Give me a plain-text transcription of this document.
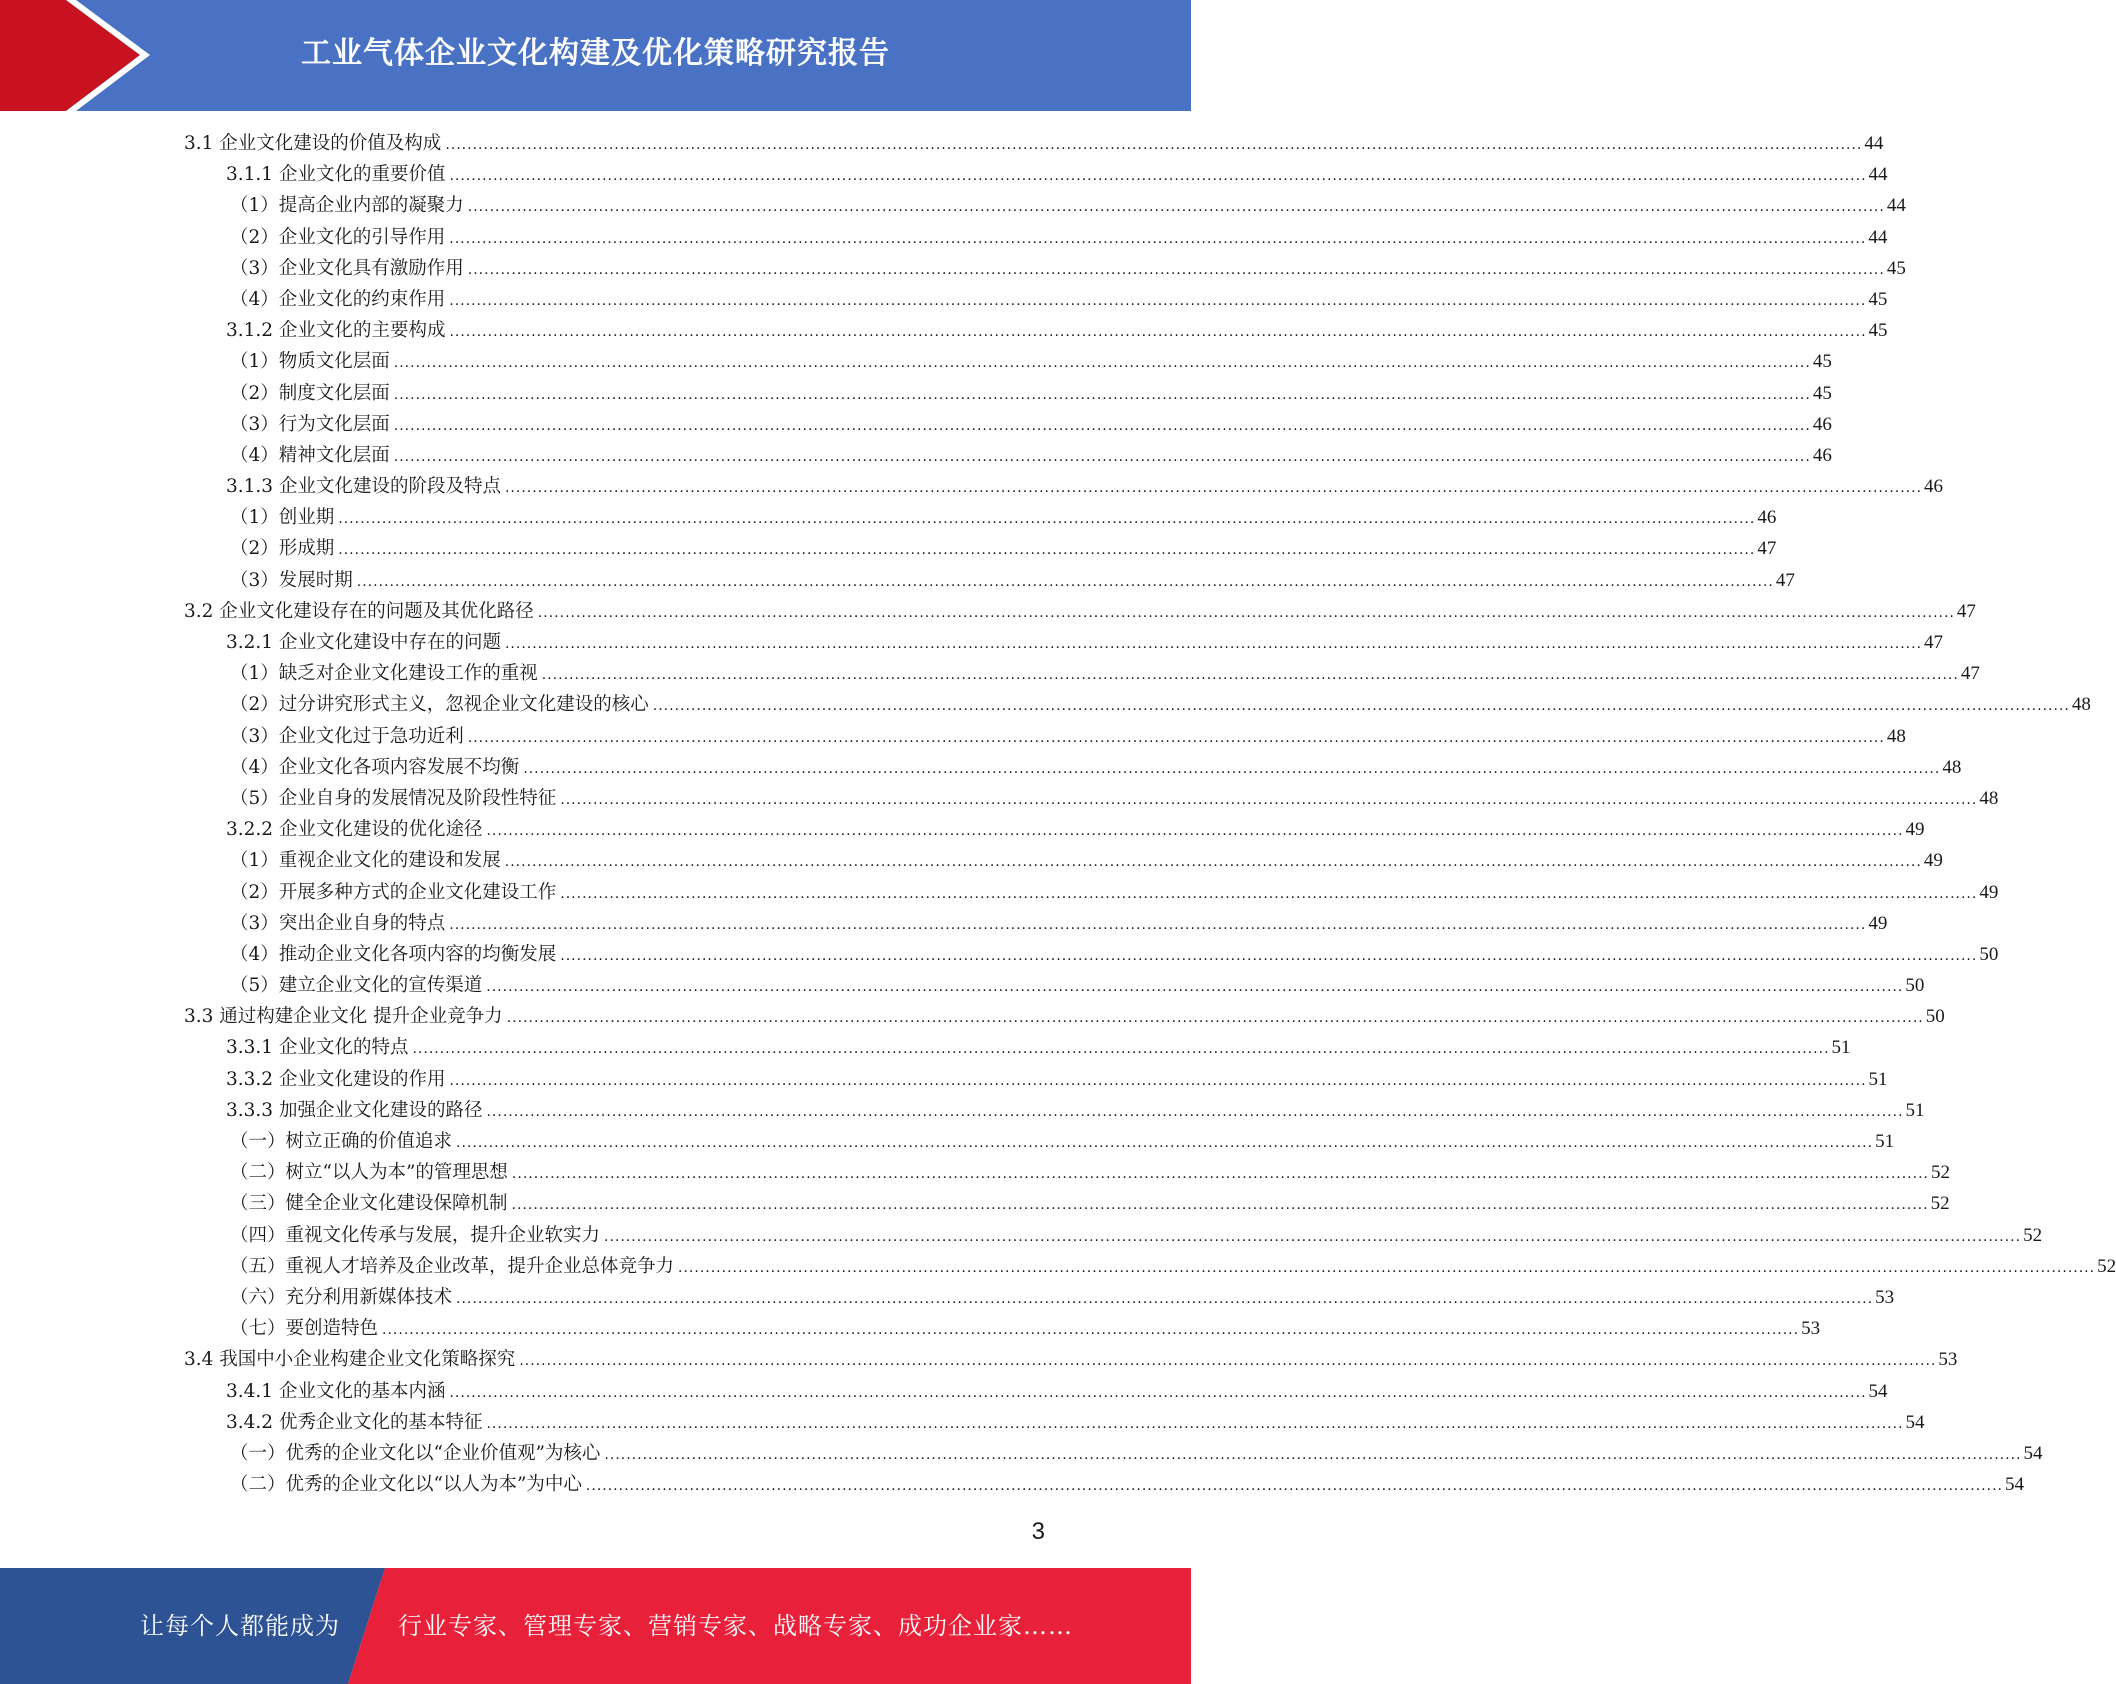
工业气体企业文化构建及优化策略研究报告
3.1 企业文化建设的价值及构成 .................................................................................................................................................................................................................................................................... 44
3.1.1 企业文化的重要价值 .................................................................................................................................................................................................................................................................... 44
（1）提高企业内部的凝聚力 .................................................................................................................................................................................................................................................................... 44
（2）企业文化的引导作用 .................................................................................................................................................................................................................................................................... 44
（3）企业文化具有激励作用 .................................................................................................................................................................................................................................................................... 45
（4）企业文化的约束作用 .................................................................................................................................................................................................................................................................... 45
3.1.2 企业文化的主要构成 .................................................................................................................................................................................................................................................................... 45
（1）物质文化层面 .................................................................................................................................................................................................................................................................... 45
（2）制度文化层面 .................................................................................................................................................................................................................................................................... 45
（3）行为文化层面 .................................................................................................................................................................................................................................................................... 46
（4）精神文化层面 .................................................................................................................................................................................................................................................................... 46
3.1.3 企业文化建设的阶段及特点 .................................................................................................................................................................................................................................................................... 46
（1）创业期 .................................................................................................................................................................................................................................................................... 46
（2）形成期 .................................................................................................................................................................................................................................................................... 47
（3）发展时期 .................................................................................................................................................................................................................................................................... 47
3.2 企业文化建设存在的问题及其优化路径 .................................................................................................................................................................................................................................................................... 47
3.2.1 企业文化建设中存在的问题 .................................................................................................................................................................................................................................................................... 47
（1）缺乏对企业文化建设工作的重视 .................................................................................................................................................................................................................................................................... 47
（2）过分讲究形式主义，忽视企业文化建设的核心 .................................................................................................................................................................................................................................................................... 48
（3）企业文化过于急功近利 .................................................................................................................................................................................................................................................................... 48
（4）企业文化各项内容发展不均衡 .................................................................................................................................................................................................................................................................... 48
（5）企业自身的发展情况及阶段性特征 .................................................................................................................................................................................................................................................................... 48
3.2.2 企业文化建设的优化途径 .................................................................................................................................................................................................................................................................... 49
（1）重视企业文化的建设和发展 .................................................................................................................................................................................................................................................................... 49
（2）开展多种方式的企业文化建设工作 .................................................................................................................................................................................................................................................................... 49
（3）突出企业自身的特点 .................................................................................................................................................................................................................................................................... 49
（4）推动企业文化各项内容的均衡发展 .................................................................................................................................................................................................................................................................... 50
（5）建立企业文化的宣传渠道 .................................................................................................................................................................................................................................................................... 50
3.3 通过构建企业文化 提升企业竞争力 .................................................................................................................................................................................................................................................................... 50
3.3.1 企业文化的特点 .................................................................................................................................................................................................................................................................... 51
3.3.2 企业文化建设的作用 .................................................................................................................................................................................................................................................................... 51
3.3.3 加强企业文化建设的路径 .................................................................................................................................................................................................................................................................... 51
（一）树立正确的价值追求 .................................................................................................................................................................................................................................................................... 51
（二）树立“以人为本”的管理思想 .................................................................................................................................................................................................................................................................... 52
（三）健全企业文化建设保障机制 .................................................................................................................................................................................................................................................................... 52
（四）重视文化传承与发展，提升企业软实力 .................................................................................................................................................................................................................................................................... 52
（五）重视人才培养及企业改革，提升企业总体竞争力 .................................................................................................................................................................................................................................................................... 52
（六）充分利用新媒体技术 .................................................................................................................................................................................................................................................................... 53
（七）要创造特色 .................................................................................................................................................................................................................................................................... 53
3.4 我国中小企业构建企业文化策略探究 .................................................................................................................................................................................................................................................................... 53
3.4.1 企业文化的基本内涵 .................................................................................................................................................................................................................................................................... 54
3.4.2 优秀企业文化的基本特征 .................................................................................................................................................................................................................................................................... 54
（一）优秀的企业文化以“企业价值观”为核心 .................................................................................................................................................................................................................................................................... 54
（二）优秀的企业文化以“以人为本”为中心 .................................................................................................................................................................................................................................................................... 54
3
让每个人都能成为 行业专家、管理专家、营销专家、战略专家、成功企业家……
